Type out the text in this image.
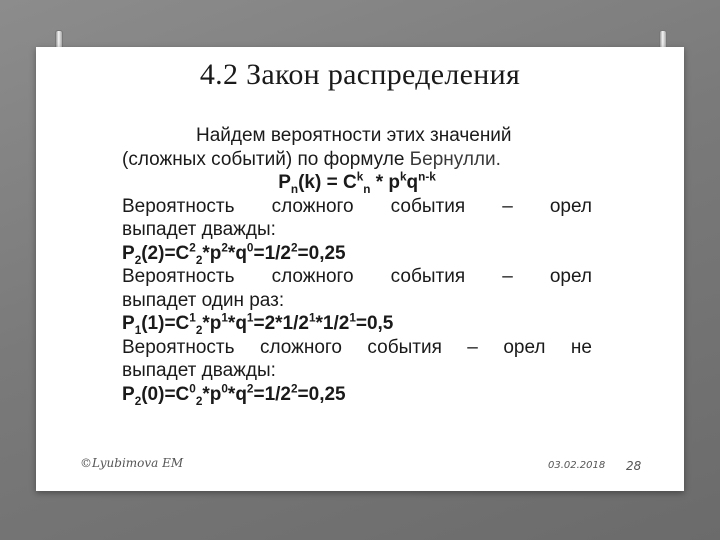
4.2 Закон распределения
Найдем вероятности этих значений
(сложных событий) по формуле Бернулли.
$P_n(k) = C^k_n * p^kq^{n-k}$
Вероятность сложного события – орел
выпадет дважды:
$P_2(2)=C^2_2*p^2*q^0=1/2^2=0,25$
Вероятность сложного события – орел
выпадет один раз:
$P_1(1)=C^1_2*p^1*q^1=2*1/2^1*1/2^1=0,5$
Вероятность сложного события – орел не
выпадет дважды:
$P_2(0)=C^0_2*p^0*q^2=1/2^2=0,25$
©Lyubimova EM	03.02.2018 28
